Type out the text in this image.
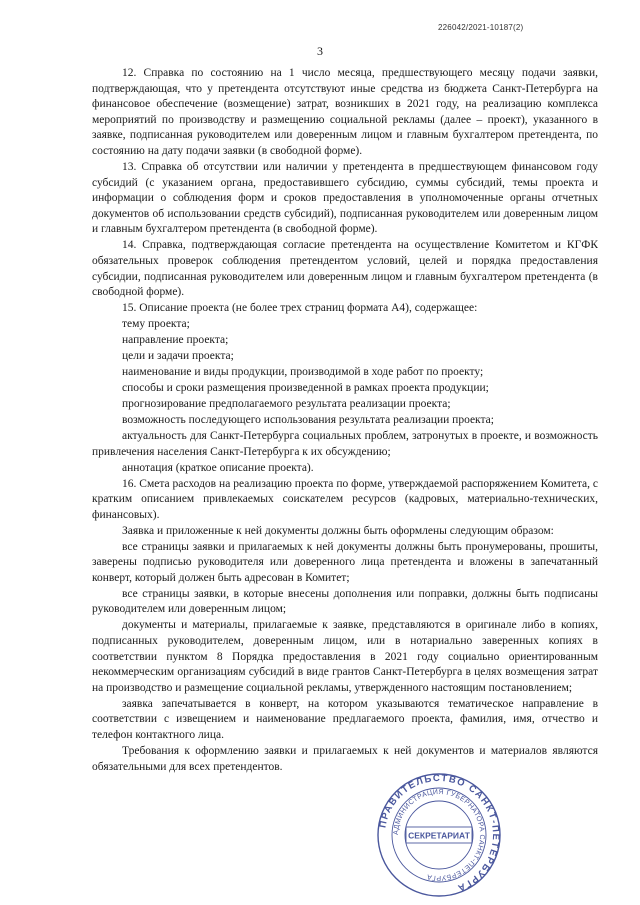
226042/2021-10187(2)
3

12. Справка по состоянию на 1 число месяца, предшествующего месяцу подачи заявки, подтверждающая, что у претендента отсутствуют иные средства из бюджета Санкт-Петербурга на финансовое обеспечение (возмещение) затрат, возникших в 2021 году, на реализацию комплекса мероприятий по производству и размещению социальной рекламы (далее – проект), указанного в заявке, подписанная руководителем или доверенным лицом и главным бухгалтером претендента, по состоянию на дату подачи заявки (в свободной форме).

13. Справка об отсутствии или наличии у претендента в предшествующем финансовом году субсидий (с указанием органа, предоставившего субсидию, суммы субсидий, темы проекта и информации о соблюдения форм и сроков предоставления в уполномоченные органы отчетных документов об использовании средств субсидий), подписанная руководителем или доверенным лицом и главным бухгалтером претендента (в свободной форме).

14. Справка, подтверждающая согласие претендента на осуществление Комитетом и КГФК обязательных проверок соблюдения претендентом условий, целей и порядка предоставления субсидии, подписанная руководителем или доверенным лицом и главным бухгалтером претендента (в свободной форме).

15. Описание проекта (не более трех страниц формата А4), содержащее:

тему проекта;

направление проекта;

цели и задачи проекта;

наименование и виды продукции, производимой в ходе работ по проекту;

способы и сроки размещения произведенной в рамках проекта продукции;

прогнозирование предполагаемого результата реализации проекта;

возможность последующего использования результата реализации проекта;

актуальность для Санкт-Петербурга социальных проблем, затронутых в проекте, и возможность привлечения населения Санкт-Петербурга к их обсуждению;

аннотация (краткое описание проекта).

16. Смета расходов на реализацию проекта по форме, утверждаемой распоряжением Комитета, с кратким описанием привлекаемых соискателем ресурсов (кадровых, материально-технических, финансовых).

Заявка и приложенные к ней документы должны быть оформлены следующим образом:

все страницы заявки и прилагаемых к ней документы должны быть пронумерованы, прошиты, заверены подписью руководителя или доверенного лица претендента и вложены в запечатанный конверт, который должен быть адресован в Комитет;

все страницы заявки, в которые внесены дополнения или поправки, должны быть подписаны руководителем или доверенным лицом;

документы и материалы, прилагаемые к заявке, представляются в оригинале либо в копиях, подписанных руководителем, доверенным лицом, или в нотариально заверенных копиях в соответствии пунктом 8 Порядка предоставления в 2021 году социально ориентированным некоммерческим организациям субсидий в виде грантов Санкт-Петербурга в целях возмещения затрат на производство и размещение социальной рекламы, утвержденного настоящим постановлением;

заявка запечатывается в конверт, на котором указываются тематическое направление в соответствии с извещением и наименование предлагаемого проекта, фамилия, имя, отчество и телефон контактного лица.

Требования к оформлению заявки и прилагаемых к ней документов и материалов являются обязательными для всех претендентов.

ПРАВИТЕЛЬСТВО САНКТ-ПЕТЕРБУРГА
АДМИНИСТРАЦИЯ ГУБЕРНАТОРА САНКТ-ПЕТЕРБУРГА
СЕКРЕТАРИАТ
